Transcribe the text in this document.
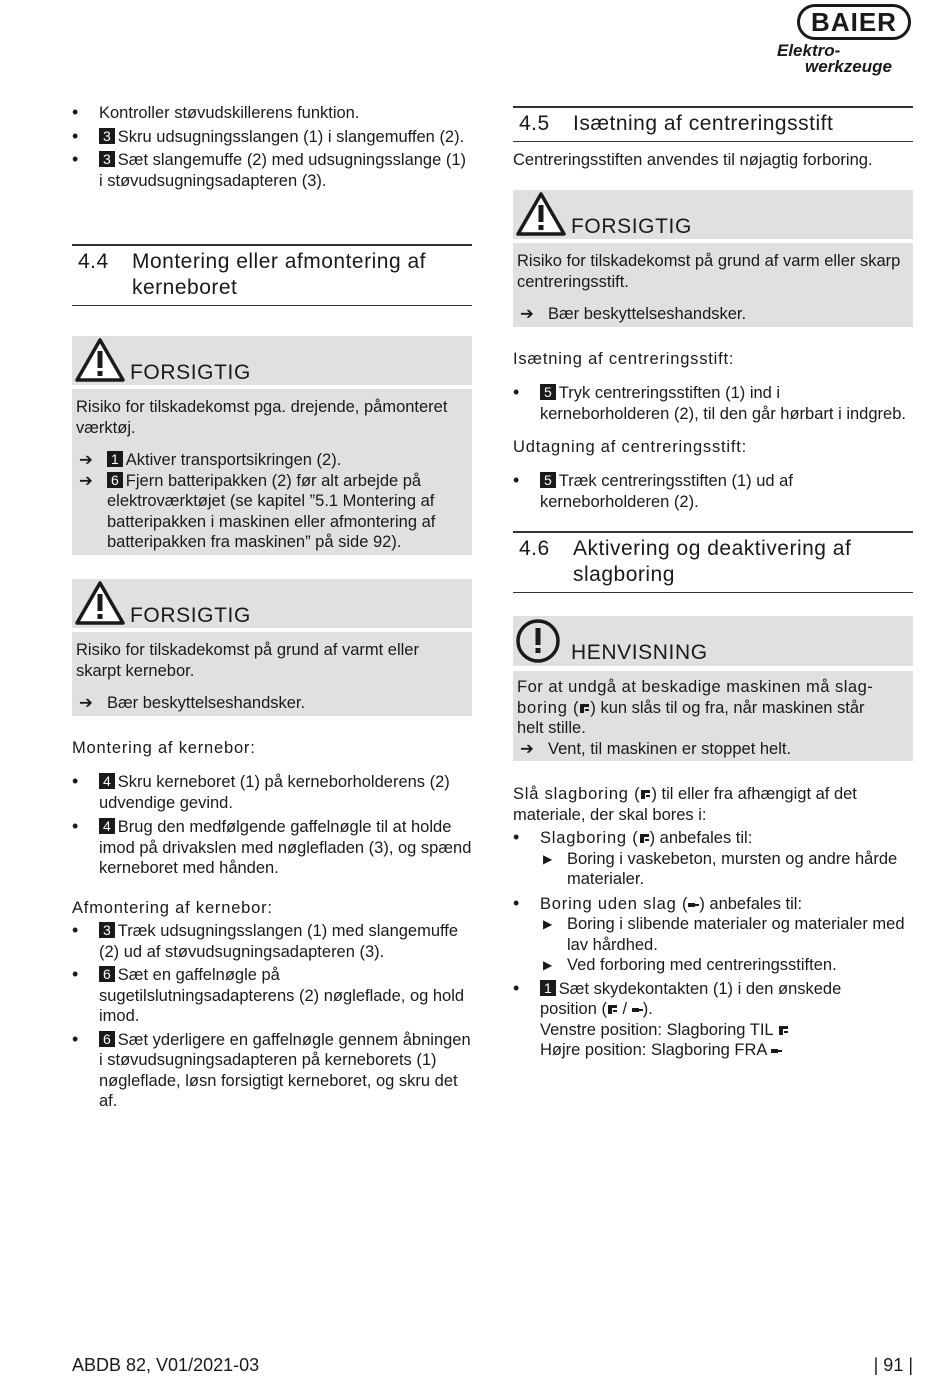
BAIER
Elektro-
werkzeuge

• Kontroller støvudskillerens funktion.

• 3 Skru udsugningsslangen (1) i slangemuffen (2).

• 3 Sæt slangemuffe (2) med udsugningsslange (1) i støvudsugningsadapteren (3).

4.4 Montering eller afmontering af
kerneboret
FORSIGTIG
Risiko for tilskadekomst pga. drejende, påmonteret værktøj.
➔ 1 Aktiver transportsikringen (2).
➔ 6 Fjern batteripakken (2) før alt arbejde på elektroværktøjet (se kapitel ”5.1 Montering af batteripakken i maskinen eller afmontering af batteripakken fra maskinen” på side 92).
FORSIGTIG
Risiko for tilskadekomst på grund af varmt eller skarpt kernebor.
➔ Bær beskyttelseshandsker.
Montering af kernebor:

• 4 Skru kerneboret (1) på kerneborholderens (2) udvendige gevind.

• 4 Brug den medfølgende gaffelnøgle til at holde imod på drivakslen med nøglefladen (3), og spænd kerneboret med hånden.

Afmontering af kernebor:

• 3 Træk udsugningsslangen (1) med slangemuffe (2) ud af støvudsugningsadapteren (3).

• 6 Sæt en gaffelnøgle på sugetilslutningsadapterens (2) nøgleflade, og hold imod.

• 6 Sæt yderligere en gaffelnøgle gennem åbningen i støvudsugningsadapteren på kerneborets (1) nøgleflade, løsn forsigtigt kerneboret, og skru det af.

4.5 Isætning af centreringsstift
Centreringsstiften anvendes til nøjagtig forboring.
FORSIGTIG
Risiko for tilskadekomst på grund af varm eller skarp centreringsstift.
➔ Bær beskyttelseshandsker.
Isætning af centreringsstift:

• 5 Tryk centreringsstiften (1) ind i kerneborholderen (2), til den går hørbart i indgreb.

Udtagning af centreringsstift:

• 5 Træk centreringsstiften (1) ud af kerneborholderen (2).

4.6 Aktivering og deaktivering af
slagboring
HENVISNING
For at undgå at beskadige maskinen må slag-
boring ( ) kun slås til og fra, når maskinen står
helt stille.
➔ Vent, til maskinen er stoppet helt.
Slå slagboring ( ) til eller fra afhængigt af det
materiale, der skal bores i:

• Slagboring ( ) anbefales til:

▶ Boring i vaskebeton, mursten og andre hårde materialer.

• Boring uden slag ( ) anbefales til:

▶ Boring i slibende materialer og materialer med lav hårdhed.
▶ Ved forboring med centreringsstiften.
• 1 Sæt skydekontakten (1) i den ønskede
position ( / ).
Venstre position: Slagboring TIL
Højre position: Slagboring FRA
ABDB 82, V01/2021-03	| 91 |
